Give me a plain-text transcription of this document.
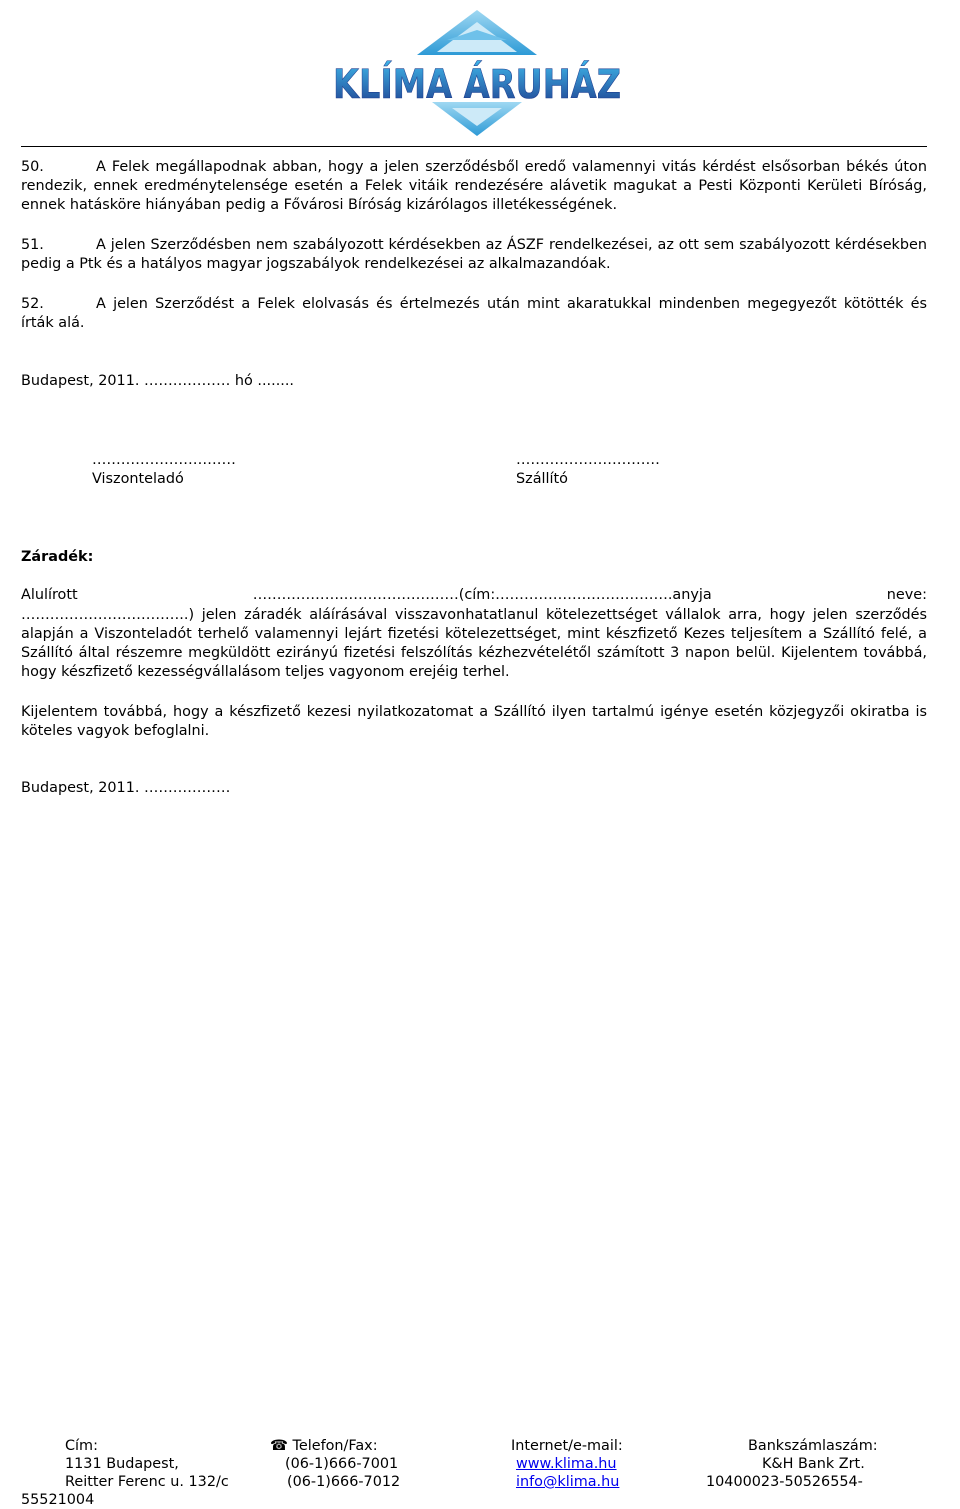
KLÍMA ÁRUHÁZ
50.	A Felek megállapodnak abban, hogy a jelen szerződésből eredő valamennyi vitás kérdést elsősorban békés úton rendezik, ennek eredménytelensége esetén a Felek vitáik rendezésére alávetik magukat a Pesti Központi Kerületi Bíróság, ennek hatásköre hiányában pedig a Fővárosi Bíróság kizárólagos illetékességének.
51.	A jelen Szerződésben nem szabályozott kérdésekben az ÁSZF rendelkezései, az ott sem szabályozott kérdésekben pedig a Ptk és a hatályos magyar jogszabályok rendelkezései az alkalmazandóak.
52.	A jelen Szerződést a Felek elolvasás és értelmezés után mint akaratukkal mindenben megegyezőt kötötték és írták alá.
Budapest, 2011. ……………… hó ........
…………………………
Viszonteladó
…………………………
Szállító
Záradék:
Alulírott	……………….……………………(cím:……………………………….anyja	neve:
……………………………..) jelen záradék aláírásával visszavonhatatlanul kötelezettséget vállalok arra, hogy jelen szerződés alapján a Viszonteladót terhelő valamennyi lejárt fizetési kötelezettséget, mint készfizető Kezes teljesítem a Szállító felé, a Szállító által részemre megküldött ezirányú fizetési felszólítás kézhezvételétől számított 3 napon belül. Kijelentem továbbá, hogy készfizető kezességvállalásom teljes vagyonom erejéig terhel.
Kijelentem továbbá, hogy a készfizető kezesi nyilatkozatomat a Szállító ilyen tartalmú igénye esetén közjegyzői okiratba is köteles vagyok befoglalni.
Budapest, 2011. ………………
Cím:
1131 Budapest,
Reitter Ferenc u. 132/c
55521004
☎ Telefon/Fax:
(06-1)666-7001
(06-1)666-7012
Internet/e-mail:
www.klima.hu
info@klima.hu
Bankszámlaszám:
K&H Bank Zrt.
10400023-50526554-
